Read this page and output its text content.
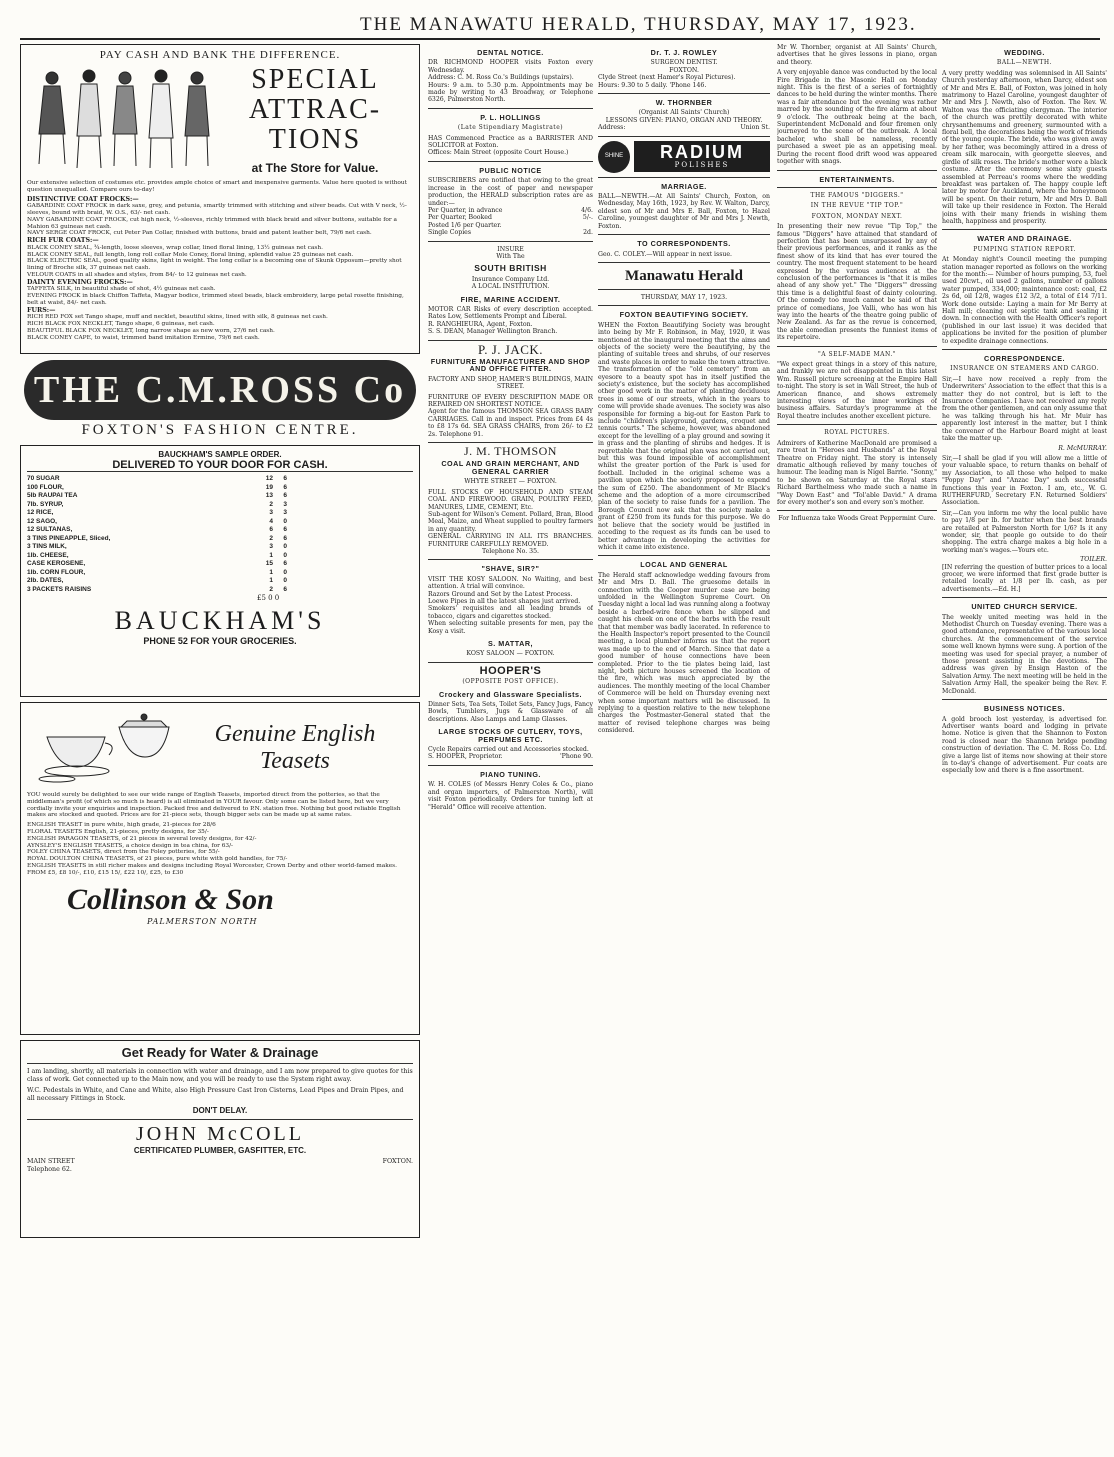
THE MANAWATU HERALD, THURSDAY, MAY 17, 1923.
PAY CASH AND BANK THE DIFFERENCE.
SPECIAL ATTRAC- TIONS
at The Store for Value.
Our extensive selection of costumes etc. provides ample choice of smart and inexpensive garments. Value here quoted is without question unequalled. Compare ours to-day!
DISTINCTIVE COAT FROCKS:—
GABARDINE COAT FROCK in dark saxe, grey, and petunia, smartly trimmed with stitching and silver beads. Cut with V neck, ½-sleeves, bound with braid, W. O.S., 63/- net cash.
NAVY GABARDINE COAT FROCK, cut high neck, ½-sleeves, richly trimmed with black braid and silver buttons, suitable for a Mahion 63 guineas net cash.
NAVY SERGE COAT FROCK, cut Peter Pan Collar, finished with buttons, braid and patent leather belt, 79/6 net cash.
RICH FUR COATS:—
BLACK CONEY SEAL, ¾-length, loose sleeves, wrap collar, lined floral lining, 13½ guineas net cash.
BLACK CONEY SEAL, full length, long roll collar Mole Coney, floral lining, splendid value 25 guineas net cash.
BLACK ELECTRIC SEAL, good quality skins, light in weight. The long collar is a becoming one of Skunk Opposum—pretty shot lining of Broche silk, 37 guineas net cash.
VELOUR COATS in all shades and styles, from 84/- to 12 guineas net cash.
DAINTY EVENING FROCKS:—
TAFFETA SILK, in beautiful shade of shot, 4½ guineas net cash.
EVENING FROCK in black Chiffon Taffeta, Magyar bodice, trimmed steel beads, black embroidery, large petal rosette finishing, belt at waist, 84/- net cash.
FURS:—
RICH RED FOX set Tango shape, muff and necklet, beautiful skins, lined with silk, 8 guineas net cash.
RICH BLACK FOX NECKLET, Tango shape, 6 guineas, net cash.
BEAUTIFUL BLACK FOX NECKLET, long narrow shape as new worn, 27/6 net cash.
BLACK CONEY CAPE, to waist, trimmed band imitation Ermine, 79/6 net cash.
THE C.M.ROSS Co
FOXTON'S FASHION CENTRE.
BAUCKHAM'S SAMPLE ORDER.
DELIVERED TO YOUR DOOR FOR CASH.
70 SUGAR	12	6
100 FLOUR,	19	6
5lb RAUPAI TEA	13	6
7lb. SYRUP,	2	3
12 RICE,	3	3
12 SAGO,	4	0
12 SULTANAS,	6	6
3 TINS PINEAPPLE, Sliced,	2	6
3 TINS MILK,	3	0
1lb. CHEESE,	1	0
CASE KEROSENE,	15	6
1lb. CORN FLOUR,	1	0
2lb. DATES,	1	0
3 PACKETS RAISINS	2	6
£5 0 0
BAUCKHAM'S
PHONE 52 FOR YOUR GROCERIES.
Genuine English Teasets
YOU would surely be delighted to see our wide range of English Teasets, imported direct from the potteries, so that the middleman's profit (of which so much is heard) is all eliminated in YOUR favour. Only some can be listed here, but we very cordially invite your enquiries and inspection. Packed free and delivered to P.N. station free. Nothing but good reliable English makes are stocked and quoted. Prices are for 21-piece sets, though bigger sets can be made up at same rates.
ENGLISH TEASET in pure white, high grade, 21-pieces for 28/6
FLORAL TEASETS English, 21-pieces, pretty designs, for 35/-
ENGLISH PARAGON TEASETS, of 21 pieces in several lovely designs, for 42/-
AYNSLEY'S ENGLISH TEASETS, a choice design in tea china, for 63/-
FOLEY CHINA TEASETS, direct from the Foley potteries, for 55/-
ROYAL DOULTON CHINA TEASETS, of 21 pieces, pure white with gold handles, for 75/-
ENGLISH TEASETS in still richer makes and designs including Royal Worcester, Crown Derby and other world-famed makes. FROM £5, £8 10/-, £10, £15 15/, £22 10/, £25, to £30
Collinson & Son
PALMERSTON NORTH
Get Ready for Water & Drainage
I am landing, shortly, all materials in connection with water and drainage, and I am now prepared to give quotes for this class of work. Get connected up to the Main now, and you will be ready to use the System right away.
W.C. Pedestals in White, and Cane and White, also High Pressure Cast Iron Cisterns, Lead Pipes and Drain Pipes, and all necessary Fittings in Stock.
DON'T DELAY.
JOHN McCOLL
CERTIFICATED PLUMBER, GASFITTER, ETC.
MAIN STREET	FOXTON.
Telephone 62.
DENTAL NOTICE.
DR RICHMOND HOOPER visits Foxton every Wednesday.
Address: C. M. Ross Co.'s Buildings (upstairs).
Hours: 9 a.m. to 5.30 p.m. Appointments may be made by writing to 43 Broadway, or Telephone 6326, Palmerston North.
P. L. HOLLINGS
(Late Stipendiary Magistrate)
HAS Commenced Practice as a BARRISTER AND SOLICITOR at Foxton.
Offices: Main Street (opposite Court House.)
PUBLIC NOTICE
SUBSCRIBERS are notified that owing to the great increase in the cost of paper and newspaper production, the HERALD subscription rates are as under:—
Per Quarter, in advance	4/6.
Per Quarter, Booked	5/-.
Posted 1/6 per Quarter.
Single Copies	2d.
INSURE
With The
SOUTH BRITISH
Insurance Company Ltd.
A LOCAL INSTITUTION.
FIRE, MARINE ACCIDENT.
MOTOR CAR Risks of every description accepted. Rates Low, Settlements Prompt and Liberal.
R. RANGHIEURA, Agent, Foxton.
S. S. DEAN, Manager Wellington Branch.
P. J. JACK.
FURNITURE MANUFACTURER AND SHOP AND OFFICE FITTER.
FACTORY AND SHOP, HAMER'S BUILDINGS, MAIN STREET.
FURNITURE OF EVERY DESCRIPTION MADE OR REPAIRED ON SHORTEST NOTICE.
Agent for the famous THOMSON SEA GRASS BABY CARRIAGES. Call in and inspect. Prices from £4 4s to £8 17s 6d. SEA GRASS CHAIRS, from 26/- to £2 2s. Telephone 91.
J. M. THOMSON
COAL AND GRAIN MERCHANT, AND GENERAL CARRIER
WHYTE STREET — FOXTON.
FULL STOCKS OF HOUSEHOLD AND STEAM COAL AND FIREWOOD. GRAIN, POULTRY FEED, MANURES, LIME, CEMENT, Etc.
Sub-agent for Wilson's Cement. Pollard, Bran, Blood Meal, Maize, and Wheat supplied to poultry farmers in any quantity.
GENERAL CARRYING IN ALL ITS BRANCHES. FURNITURE CAREFULLY REMOVED.
Telephone No. 35.
"SHAVE, SIR?"
VISIT THE KOSY SALOON. No Waiting, and best attention. A trial will convince.
Razors Ground and Set by the Latest Process.
Loewe Pipes in all the latest shapes just arrived.
Smokers' requisites and all leading brands of tobacco, cigars and cigarettes stocked.
When selecting suitable presents for men, pay the Kosy a visit.
S. MATTAR,
KOSY SALOON — FOXTON.
HOOPER'S
(OPPOSITE POST OFFICE).
Crockery and Glassware Specialists.
Dinner Sets, Tea Sets, Toilet Sets, Fancy Jugs, Fancy Bowls, Tumblers, Jugs & Glassware of all descriptions. Also Lamps and Lamp Glasses.
LARGE STOCKS OF CUTLERY, TOYS, PERFUMES ETC.
Cycle Repairs carried out and Accessories stocked.
S. HOOPER, Proprietor.	'Phone 90.
PIANO TUNING.
W. H. COLES (of Messrs Henry Coles & Co., piano and organ importers, of Palmerston North), will visit Foxton periodically. Orders for tuning left at "Herald" Office will receive attention.
Dr. T. J. ROWLEY
SURGEON DENTIST.
FOXTON.
Clyde Street (next Hamer's Royal Pictures).
Hours: 9.30 to 5 daily. 'Phone 146.
W. THORNBER
(Organist All Saints' Church)
LESSONS GIVEN: PIANO, ORGAN AND THEORY.
Address:	Union St.
SHINE	RADIUM
POLISHES
MARRIAGE.
BALL—NEWTH.—At All Saints' Church, Foxton, on Wednesday, May 16th, 1923, by Rev. W. Walton, Darcy, eldest son of Mr and Mrs E. Ball, Foxton, to Hazel Caroline, youngest daughter of Mr and Mrs J. Newth, Foxton.
TO CORRESPONDENTS.
Geo. C. COLEY.—Will appear in next issue.
Manawatu Herald
THURSDAY, MAY 17, 1923.
FOXTON BEAUTIFYING SOCIETY.
WHEN the Foxton Beautifying Society was brought into being by Mr F. Robinson, in May, 1920, it was mentioned at the inaugural meeting that the aims and objects of the society were the beautifying, by the planting of suitable trees and shrubs, of our reserves and waste places in order to make the town attractive. The transformation of the "old cemetery" from an eyesore to a beauty spot has in itself justified the society's existence, but the society has accomplished other good work in the matter of planting deciduous trees in some of our streets, which in the years to come will provide shade avenues. The society was also responsible for forming a big-out for Easton Park to include "children's playground, gardens, croquet and tennis courts." The scheme, however, was abandoned except for the levelling of a play ground and sowing it in grass and the planting of shrubs and hedges. It is regrettable that the original plan was not carried out, but this was found impossible of accomplishment whilst the greater portion of the Park is used for football. Included in the original scheme was a pavilion upon which the society proposed to expend the sum of £250. The abandonment of Mr Black's scheme and the adoption of a more circumscribed plan of the society to raise funds for a pavilion. The Borough Council now ask that the society make a grant of £250 from its funds for this purpose. We do not believe that the society would be justified in acceding to the request as its funds can be used to better advantage in developing the activities for which it came into existence.
LOCAL AND GENERAL
The Herald staff acknowledge wedding favours from Mr and Mrs D. Ball. The gruesome details in connection with the Cooper murder case are being unfolded in the Wellington Supreme Court. On Tuesday night a local lad was running along a footway beside a barbed-wire fence when he slipped and caught his cheek on one of the barbs with the result that that member was badly lacerated. In reference to the Health Inspector's report presented to the Council meeting, a local plumber informs us that the report was made up to the end of March. Since that date a good number of house connections have been completed. Prior to the tie plates being laid, last night, both picture houses screened the location of the fire, which was much appreciated by the audiences. The monthly meeting of the local Chamber of Commerce will be held on Thursday evening next when some important matters will be discussed. In replying to a question relative to the new telephone charges the Postmaster-General stated that the matter of revised telephone charges was being considered.
Mr W. Thornber, organist at All Saints' Church, advertises that he gives lessons in piano, organ and theory.
A very enjoyable dance was conducted by the local Fire Brigade in the Masonic Hall on Monday night. This is the first of a series of fortnightly dances to be held during the winter months. There was a fair attendance but the evening was rather marred by the sounding of the fire alarm at about 9 o'clock. The outbreak being at the bach, Superintendent McDonald and four firemen only journeyed to the scene of the outbreak. A local bachelor, who shall be nameless, recently purchased a sweet pie as an appetising meal. During the recent flood drift wood was appeared together with snags.
ENTERTAINMENTS.
THE FAMOUS "DIGGERS."
IN THE REVUE "TIP TOP."
FOXTON, MONDAY NEXT.
In presenting their new revue "Tip Top," the famous "Diggers" have attained that standard of perfection that has been unsurpassed by any of their previous performances, and it ranks as the finest show of its kind that has ever toured the country. The most frequent statement to be heard expressed by the various audiences at the conclusion of the performances is "that it is miles ahead of any show yet." The "Diggers'" dressing this time is a delightful feast of dainty colouring. Of the comedy too much cannot be said of that prince of comedians, Joe Valli, who has won his way into the hearts of the theatre going public of New Zealand. As far as the revue is concerned, the able comedian presents the funniest items of its repertoire.
"A SELF-MADE MAN."
"We expect great things in a story of this nature, and frankly we are not disappointed in this latest Wm. Russell picture screening at the Empire Hall to-night. The story is set in Wall Street, the hub of American finance, and shows extremely interesting views of the inner workings of business affairs. Saturday's programme at the Royal theatre includes another excellent picture.
ROYAL PICTURES.
Admirers of Katherine MacDonald are promised a rare treat in "Heroes and Husbands" at the Royal Theatre on Friday night. The story is intensely dramatic although relieved by many touches of humour. The leading man is Nigel Barrie. "Sonny," to be shown on Saturday at the Royal stars Richard Barthelmess who made such a name in "Way Down East" and "Tol'able David." A drama for every mother's son and every son's mother.
For Influenza take Woods Great Peppermint Cure.
WEDDING.
BALL—NEWTH.
A very pretty wedding was solemnised in All Saints' Church yesterday afternoon, when Darcy, eldest son of Mr and Mrs E. Ball, of Foxton, was joined in holy matrimony to Hazel Caroline, youngest daughter of Mr and Mrs J. Newth, also of Foxton. The Rev. W. Walton was the officiating clergyman. The interior of the church was prettily decorated with white chrysanthemums and greenery, surmounted with a floral bell, the decorations being the work of friends of the young couple. The bride, who was given away by her father, was becomingly attired in a dress of cream silk marocain, with georgette sleeves, and girdle of silk roses. The bride's mother wore a black costume. After the ceremony some sixty guests assembled at Perreau's rooms where the wedding breakfast was partaken of. The happy couple left later by motor for Auckland, where the honeymoon will be spent. On their return, Mr and Mrs D. Ball will take up their residence in Foxton. The Herald joins with their many friends in wishing them health, happiness and prosperity.
WATER AND DRAINAGE.
PUMPING STATION REPORT.
At Monday night's Council meeting the pumping station manager reported as follows on the working for the month:— Number of hours pumping, 53, fuel used 20cwt., oil used 2 gallons, number of gallons water pumped, 334,000; maintenance cost: coal, £2 2s 6d, oil 12/8, wages £12 3/2, a total of £14 7/11. Work done outside: Laying a main for Mr Berry at Hall mill; cleaning out septic tank and sealing it down. In connection with the Health Officer's report (published in our last issue) it was decided that applications be invited for the position of plumber to expedite drainage connections.
CORRESPONDENCE.
INSURANCE ON STEAMERS AND CARGO.
Sir,—I have now received a reply from the Underwriters' Association to the effect that this is a matter they do not control, but is left to the Insurance Companies. I have not received any reply from the other gentlemen, and can only assume that he was talking through his hat. Mr Muir has apparently lost interest in the matter, but I think the convener of the Harbour Board might at least take the matter up.
R. McMURRAY.
Sir,—I shall be glad if you will allow me a little of your valuable space, to return thanks on behalf of my Association, to all those who helped to make "Poppy Day" and "Anzac Day" such successful functions this year in Foxton. I am, etc., W. G. RUTHERFURD, Secretary F.N. Returned Soldiers' Association.
Sir,—Can you inform me why the local public have to pay 1/8 per lb. for butter when the best brands are retailed at Palmerston North for 1/6? Is it any wonder, sir, that people go outside to do their shopping. The extra charge makes a big hole in a working man's wages.—Yours etc.
TOILER.
[IN referring the question of butter prices to a local grocer, we were informed that first grade butter is retailed locally at 1/8 per lb. cash, as per advertisements.—Ed. H.]
UNITED CHURCH SERVICE.
The weekly united meeting was held in the Methodist Church on Tuesday evening. There was a good attendance, representative of the various local churches. At the commencement of the service some well known hymns were sung. A portion of the meeting was used for special prayer, a number of those present assisting in the devotions. The address was given by Ensign Haston of the Salvation Army. The next meeting will be held in the Salvation Army Hall, the speaker being the Rev. F. McDonald.
BUSINESS NOTICES.
A gold brooch lost yesterday, is advertised for. Advertiser wants board and lodging in private home. Notice is given that the Shannon to Foxton road is closed near the Shannon bridge pending construction of deviation. The C. M. Ross Co. Ltd. give a large list of items now showing at their store in to-day's change of advertisement. Fur coats are especially low and there is a fine assortment.
